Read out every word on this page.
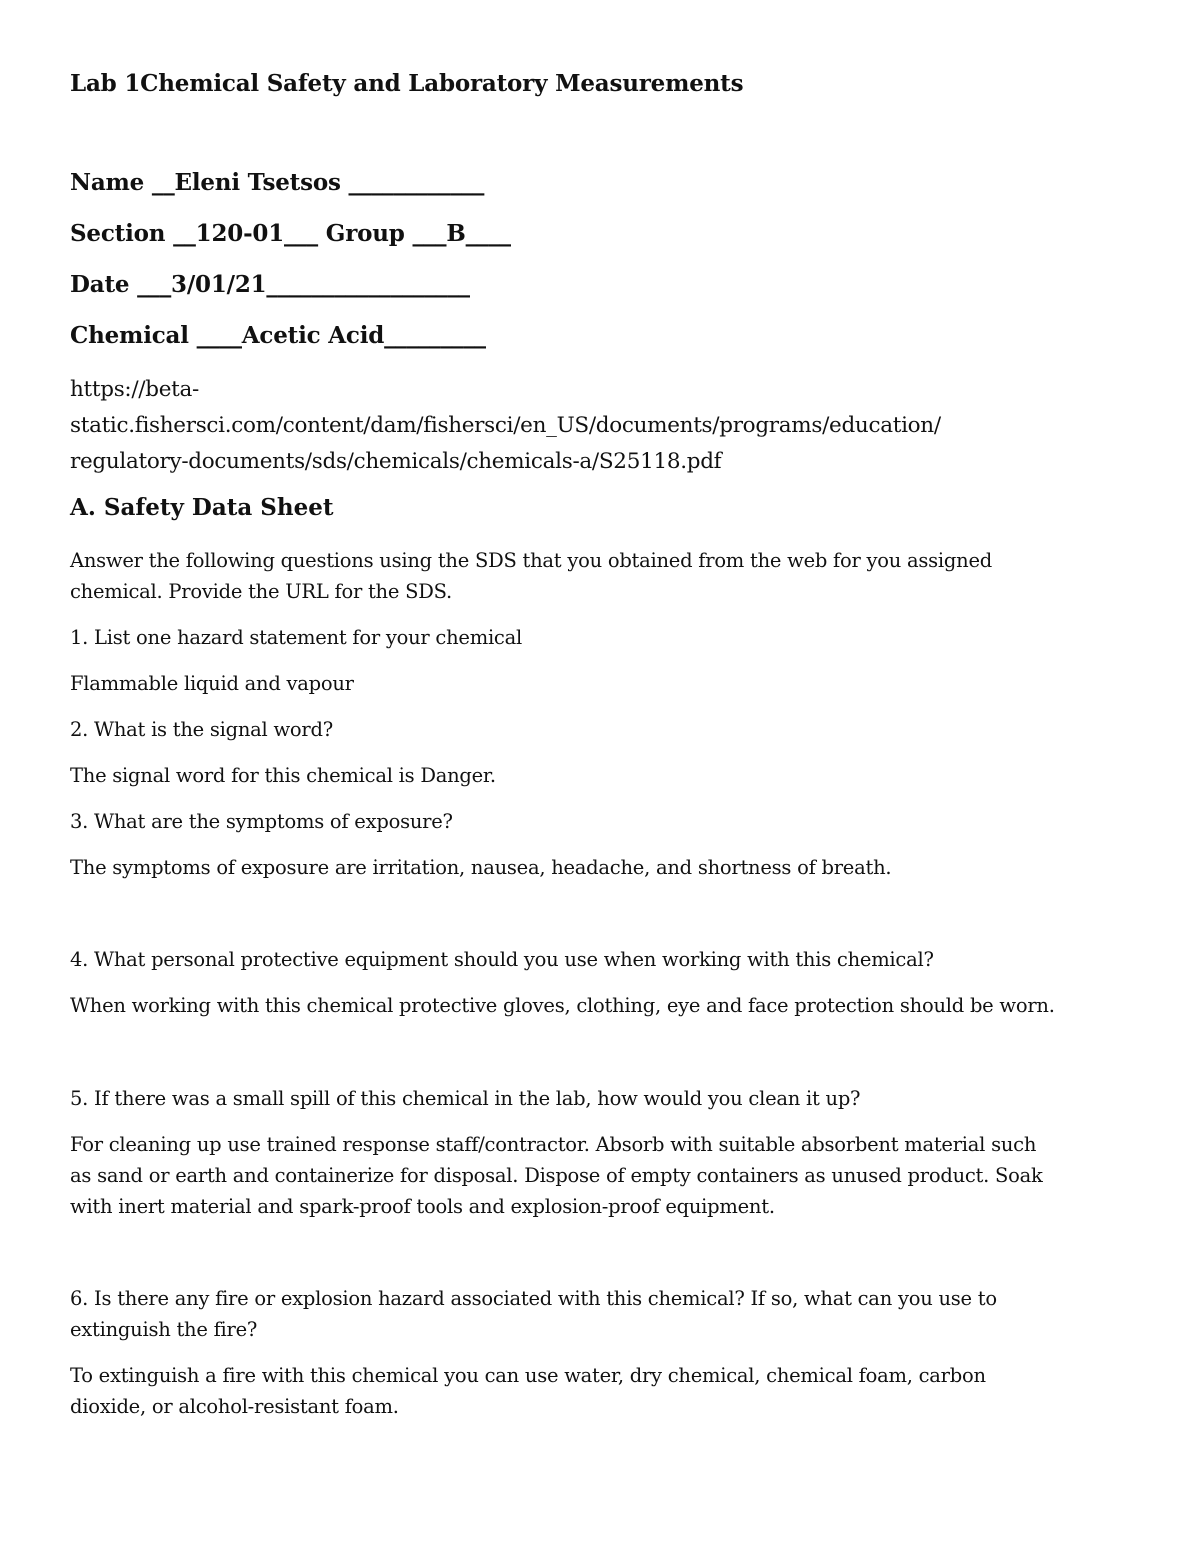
Lab 1Chemical Safety and Laboratory Measurements
Name __Eleni Tsetsos ____________
Section __120-01___ Group ___B____
Date ___3/01/21__________________
Chemical ____Acetic Acid_________
https://beta-
static.fishersci.com/content/dam/fishersci/en_US/documents/programs/education/
regulatory-documents/sds/chemicals/chemicals-a/S25118.pdf
A. Safety Data Sheet
Answer the following questions using the SDS that you obtained from the web for you assigned
chemical. Provide the URL for the SDS.
1. List one hazard statement for your chemical
Flammable liquid and vapour
2. What is the signal word?
The signal word for this chemical is Danger.
3. What are the symptoms of exposure?
The symptoms of exposure are irritation, nausea, headache, and shortness of breath.
4. What personal protective equipment should you use when working with this chemical?
When working with this chemical protective gloves, clothing, eye and face protection should be worn.
5. If there was a small spill of this chemical in the lab, how would you clean it up?
For cleaning up use trained response staff/contractor. Absorb with suitable absorbent material such
as sand or earth and containerize for disposal. Dispose of empty containers as unused product. Soak
with inert material and spark-proof tools and explosion-proof equipment.
6. Is there any fire or explosion hazard associated with this chemical? If so, what can you use to
extinguish the fire?
To extinguish a fire with this chemical you can use water, dry chemical, chemical foam, carbon
dioxide, or alcohol-resistant foam.
